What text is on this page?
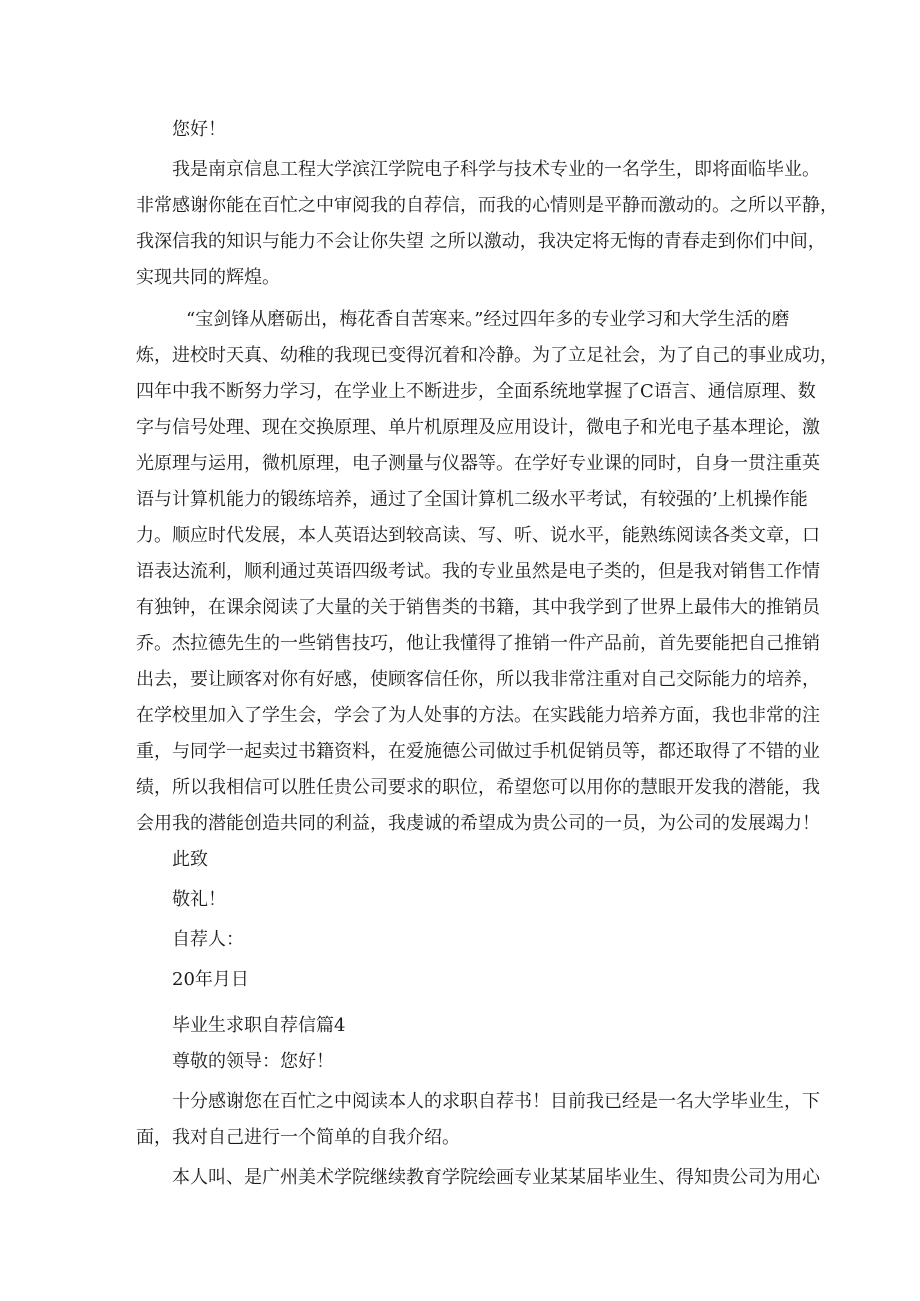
您好！

我是南京信息工程大学滨江学院电子科学与技术专业的一名学生，即将面临毕业。

非常感谢你能在百忙之中审阅我的自荐信，而我的心情则是平静而激动的。之所以平静，

我深信我的知识与能力不会让你失望 之所以激动，我决定将无悔的青春走到你们中间，

实现共同的辉煌。

“宝剑锋从磨砺出，梅花香自苦寒来。”经过四年多的专业学习和大学生活的磨

炼，进校时天真、幼稚的我现已变得沉着和冷静。为了立足社会，为了自己的事业成功，

四年中我不断努力学习，在学业上不断进步，全面系统地掌握了C语言、通信原理、数

字与信号处理、现在交换原理、单片机原理及应用设计，微电子和光电子基本理论，激

光原理与运用，微机原理，电子测量与仪器等。在学好专业课的同时，自身一贯注重英

语与计算机能力的锻练培养，通过了全国计算机二级水平考试，有较强的’上机操作能

力。顺应时代发展，本人英语达到较高读、写、听、说水平，能熟练阅读各类文章，口

语表达流利，顺利通过英语四级考试。我的专业虽然是电子类的，但是我对销售工作情

有独钟，在课余阅读了大量的关于销售类的书籍，其中我学到了世界上最伟大的推销员

乔。杰拉德先生的一些销售技巧，他让我懂得了推销一件产品前，首先要能把自己推销

出去，要让顾客对你有好感，使顾客信任你，所以我非常注重对自己交际能力的培养，

在学校里加入了学生会，学会了为人处事的方法。在实践能力培养方面，我也非常的注

重，与同学一起卖过书籍资料，在爱施德公司做过手机促销员等，都还取得了不错的业

绩，所以我相信可以胜任贵公司要求的职位，希望您可以用你的慧眼开发我的潜能，我

会用我的潜能创造共同的利益，我虔诚的希望成为贵公司的一员，为公司的发展竭力！

此致

敬礼！

自荐人：

20年月日

毕业生求职自荐信篇4

尊敬的领导：您好！

十分感谢您在百忙之中阅读本人的求职自荐书！目前我已经是一名大学毕业生，下

面，我对自己进行一个简单的自我介绍。

本人叫、是广州美术学院继续教育学院绘画专业某某届毕业生、得知贵公司为用心
